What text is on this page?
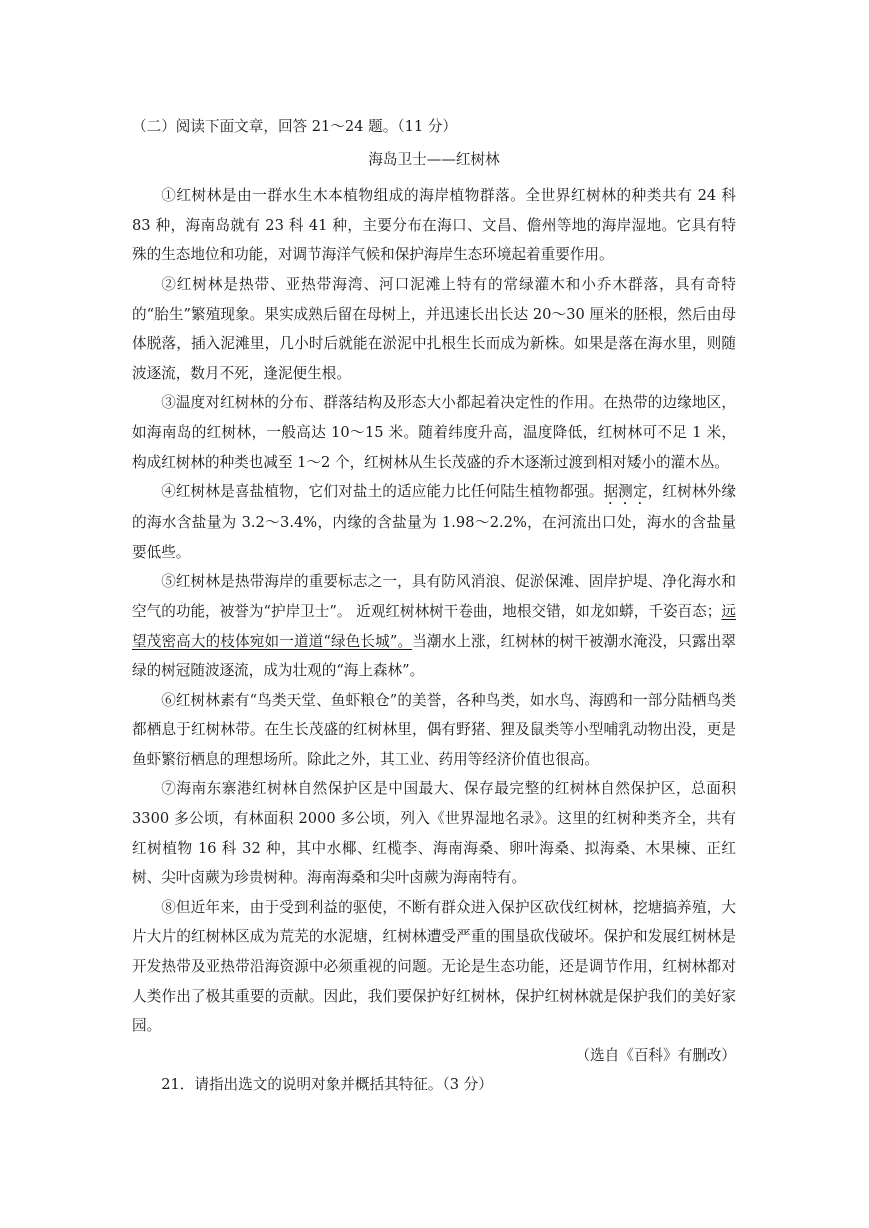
（二）阅读下面文章，回答 21～24 题。（11 分）

海岛卫士——红树林

①红树林是由一群水生木本植物组成的海岸植物群落。全世界红树林的种类共有 24 科 83 种，海南岛就有 23 科 41 种，主要分布在海口、文昌、儋州等地的海岸湿地。它具有特殊的生态地位和功能，对调节海洋气候和保护海岸生态环境起着重要作用。

②红树林是热带、亚热带海湾、河口泥滩上特有的常绿灌木和小乔木群落，具有奇特的“胎生”繁殖现象。果实成熟后留在母树上，并迅速长出长达 20～30 厘米的胚根，然后由母体脱落，插入泥滩里，几小时后就能在淤泥中扎根生长而成为新株。如果是落在海水里，则随波逐流，数月不死，逢泥便生根。

③温度对红树林的分布、群落结构及形态大小都起着决定性的作用。在热带的边缘地区，如海南岛的红树林，一般高达 10～15 米。随着纬度升高，温度降低，红树林可不足 1 米，构成红树林的种类也减至 1～2 个，红树林从生长茂盛的乔木逐渐过渡到相对矮小的灌木丛。

④红树林是喜盐植物，它们对盐土的适应能力比任何陆生植物都强。据测定，红树林外缘的海水含盐量为 3.2～3.4%，内缘的含盐量为 1.98～2.2%，在河流出口处，海水的含盐量要低些。

⑤红树林是热带海岸的重要标志之一，具有防风消浪、促淤保滩、固岸护堤、净化海水和空气的功能，被誉为“护岸卫士”。 近观红树林树干卷曲，地根交错，如龙如蟒，千姿百态；远望茂密高大的枝体宛如一道道“绿色长城”。当潮水上涨，红树林的树干被潮水淹没，只露出翠绿的树冠随波逐流，成为壮观的“海上森林”。

⑥红树林素有“鸟类天堂、鱼虾粮仓”的美誉，各种鸟类，如水鸟、海鸥和一部分陆栖鸟类都栖息于红树林带。在生长茂盛的红树林里，偶有野猪、狸及鼠类等小型哺乳动物出没，更是鱼虾繁衍栖息的理想场所。除此之外，其工业、药用等经济价值也很高。

⑦海南东寨港红树林自然保护区是中国最大、保存最完整的红树林自然保护区，总面积 3300 多公顷，有林面积 2000 多公顷，列入《世界湿地名录》。这里的红树种类齐全，共有红树植物 16 科 32 种，其中水椰、红榄李、海南海桑、卵叶海桑、拟海桑、木果楝、正红树、尖叶卤蕨为珍贵树种。海南海桑和尖叶卤蕨为海南特有。

⑧但近年来，由于受到利益的驱使，不断有群众进入保护区砍伐红树林，挖塘搞养殖，大片大片的红树林区成为荒芜的水泥塘，红树林遭受严重的围垦砍伐破坏。保护和发展红树林是开发热带及亚热带沿海资源中必须重视的问题。无论是生态功能，还是调节作用，红树林都对人类作出了极其重要的贡献。因此，我们要保护好红树林，保护红树林就是保护我们的美好家园。

（选自《百科》有删改）

21．请指出选文的说明对象并概括其特征。（3 分）
